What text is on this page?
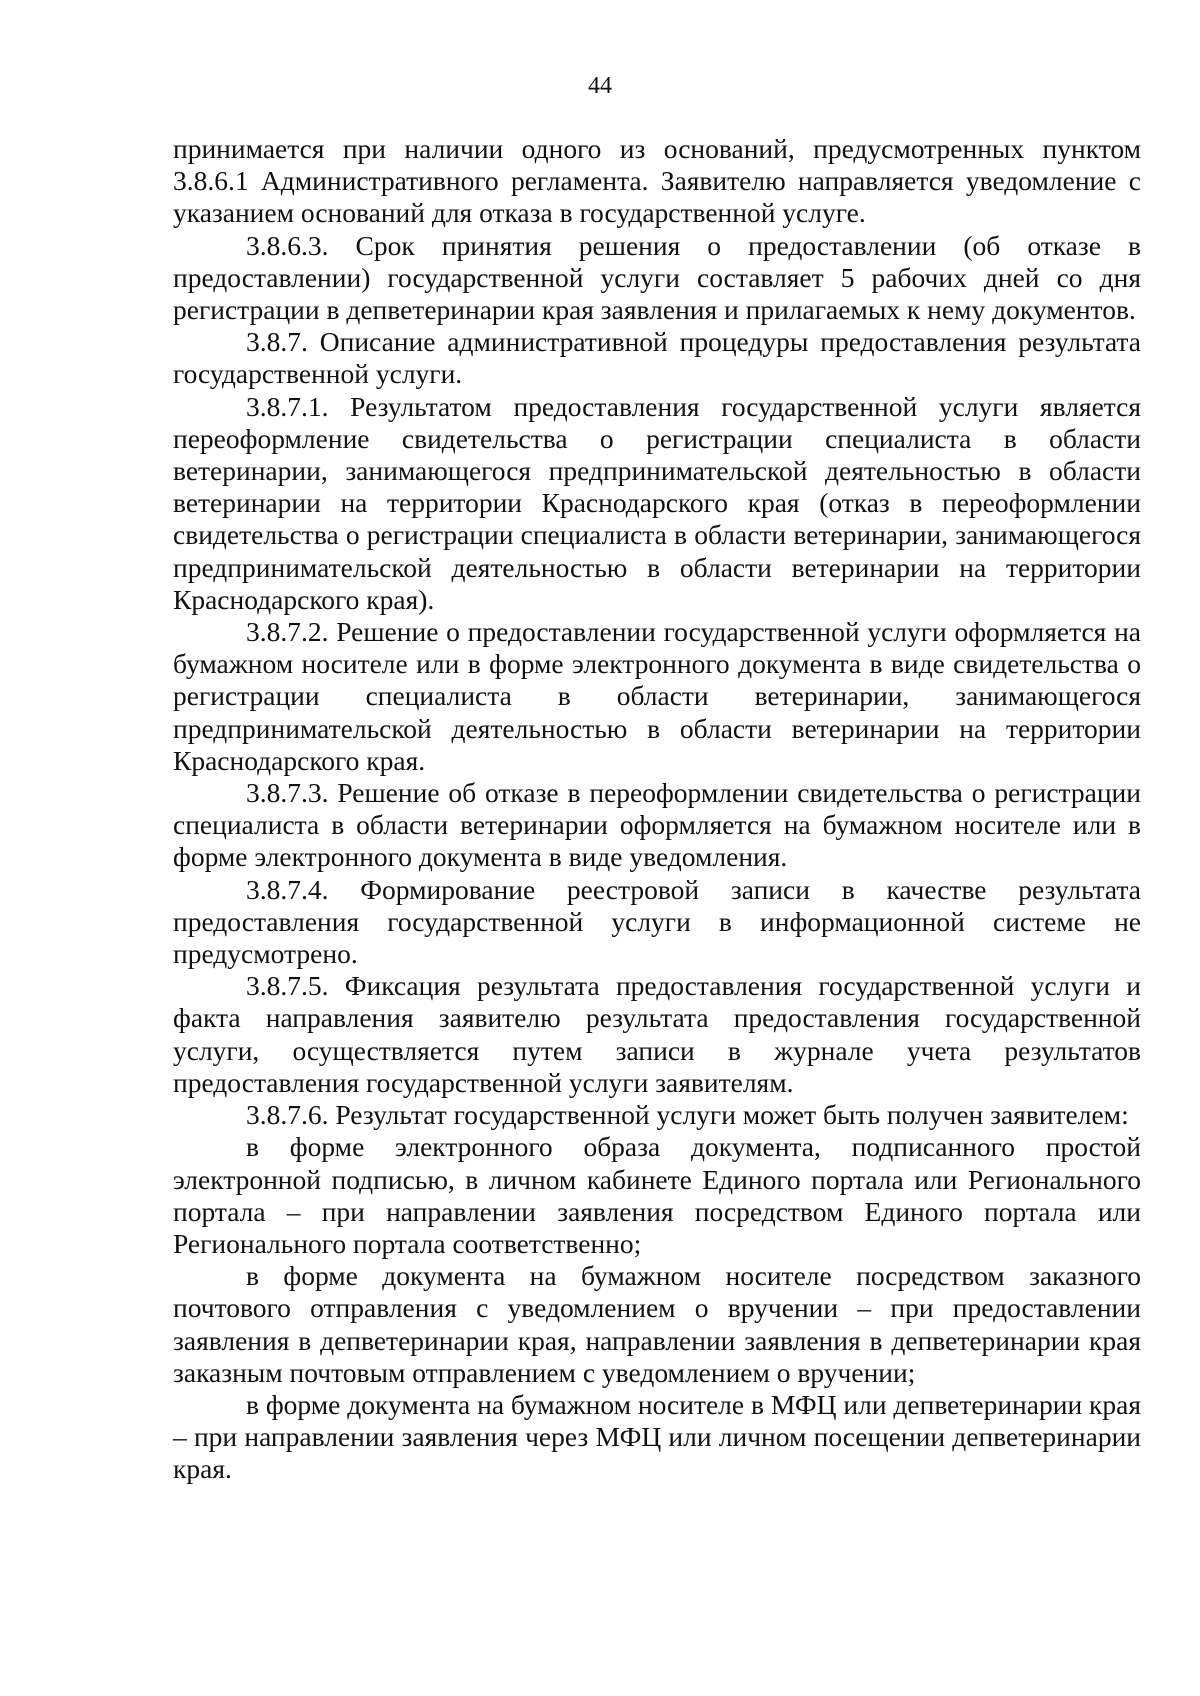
44

принимается при наличии одного из оснований, предусмотренных пунктом 3.8.6.1 Административного регламента. Заявителю направляется уведомление с указанием оснований для отказа в государственной услуге.

3.8.6.3. Срок принятия решения о предоставлении (об отказе в предоставлении) государственной услуги составляет 5 рабочих дней со дня регистрации в депветеринарии края заявления и прилагаемых к нему документов.

3.8.7. Описание административной процедуры предоставления результата государственной услуги.

3.8.7.1. Результатом предоставления государственной услуги является переоформление свидетельства о регистрации специалиста в области ветеринарии, занимающегося предпринимательской деятельностью в области ветеринарии на территории Краснодарского края (отказ в переоформлении свидетельства о регистрации специалиста в области ветеринарии, занимающегося предпринимательской деятельностью в области ветеринарии на территории Краснодарского края).

3.8.7.2. Решение о предоставлении государственной услуги оформляется на бумажном носителе или в форме электронного документа в виде свидетельства о регистрации специалиста в области ветеринарии, занимающегося предпринимательской деятельностью в области ветеринарии на территории Краснодарского края.

3.8.7.3. Решение об отказе в переоформлении свидетельства о регистрации специалиста в области ветеринарии оформляется на бумажном носителе или в форме электронного документа в виде уведомления.

3.8.7.4. Формирование реестровой записи в качестве результата предоставления государственной услуги в информационной системе не предусмотрено.

3.8.7.5. Фиксация результата предоставления государственной услуги и факта направления заявителю результата предоставления государственной услуги, осуществляется путем записи в журнале учета результатов предоставления государственной услуги заявителям.

3.8.7.6. Результат государственной услуги может быть получен заявителем:

в форме электронного образа документа, подписанного простой электронной подписью, в личном кабинете Единого портала или Регионального портала – при направлении заявления посредством Единого портала или Регионального портала соответственно;

в форме документа на бумажном носителе посредством заказного почтового отправления с уведомлением о вручении – при предоставлении заявления в депветеринарии края, направлении заявления в депветеринарии края заказным почтовым отправлением с уведомлением о вручении;

в форме документа на бумажном носителе в МФЦ или депветеринарии края – при направлении заявления через МФЦ или личном посещении депветеринарии края.
